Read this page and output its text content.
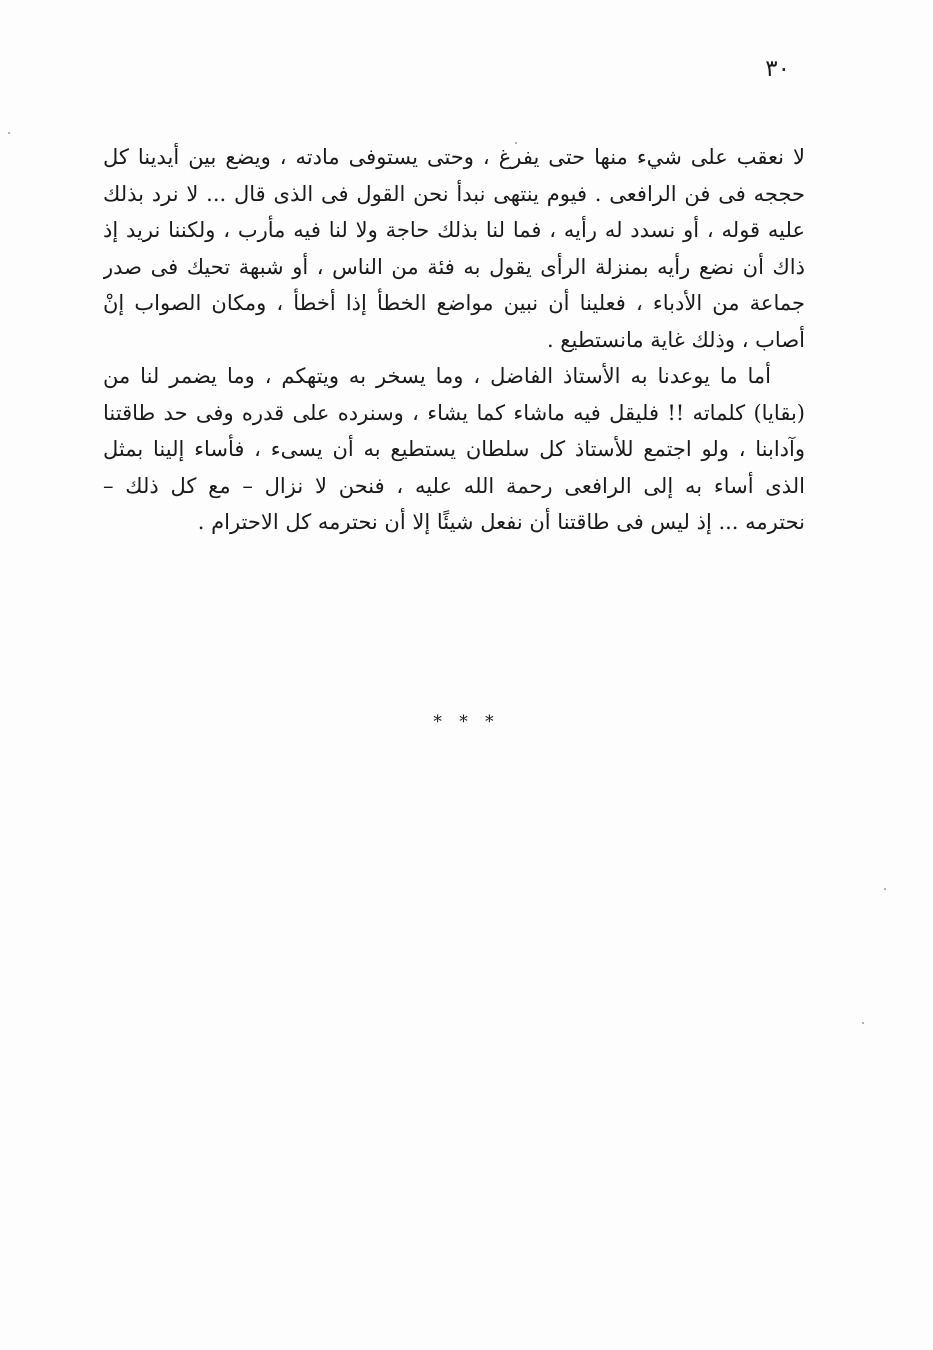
٣٠
لا نعقب على شيء منها حتى يفرغ ، وحتى يستوفى مادته ، ويضع بين أيدينا كل
حججه فى فن الرافعى . فيوم ينتهى نبدأ نحن القول فى الذى قال ... لا نرد بذلك
عليه قوله ، أو نسدد له رأيه ، فما لنا بذلك حاجة ولا لنا فيه مأرب ، ولكننا نريد إذ
ذاك أن نضع رأيه بمنزلة الرأى يقول به فئة من الناس ، أو شبهة تحيك فى صدر
جماعة من الأدباء ، فعلينا أن نبين مواضع الخطأ إذا أخطأ ، ومكان الصواب إنْ
أصاب ، وذلك غاية مانستطيع .
أما ما يوعدنا به الأستاذ الفاضل ، وما يسخر به ويتهكم ، وما يضمر لنا من
(بقايا) كلماته !! فليقل فيه ماشاء كما يشاء ، وسنرده على قدره وفى حد طاقتنا
وآدابنا ، ولو اجتمع للأستاذ كل سلطان يستطيع به أن يسىء ، فأساء إلينا بمثل
الذى أساء به إلى الرافعى رحمة الله عليه ، فنحن لا نزال – مع كل ذلك –
نحترمه ... إذ ليس فى طاقتنا أن نفعل شيئًا إلا أن نحترمه كل الاحترام .
* * *
